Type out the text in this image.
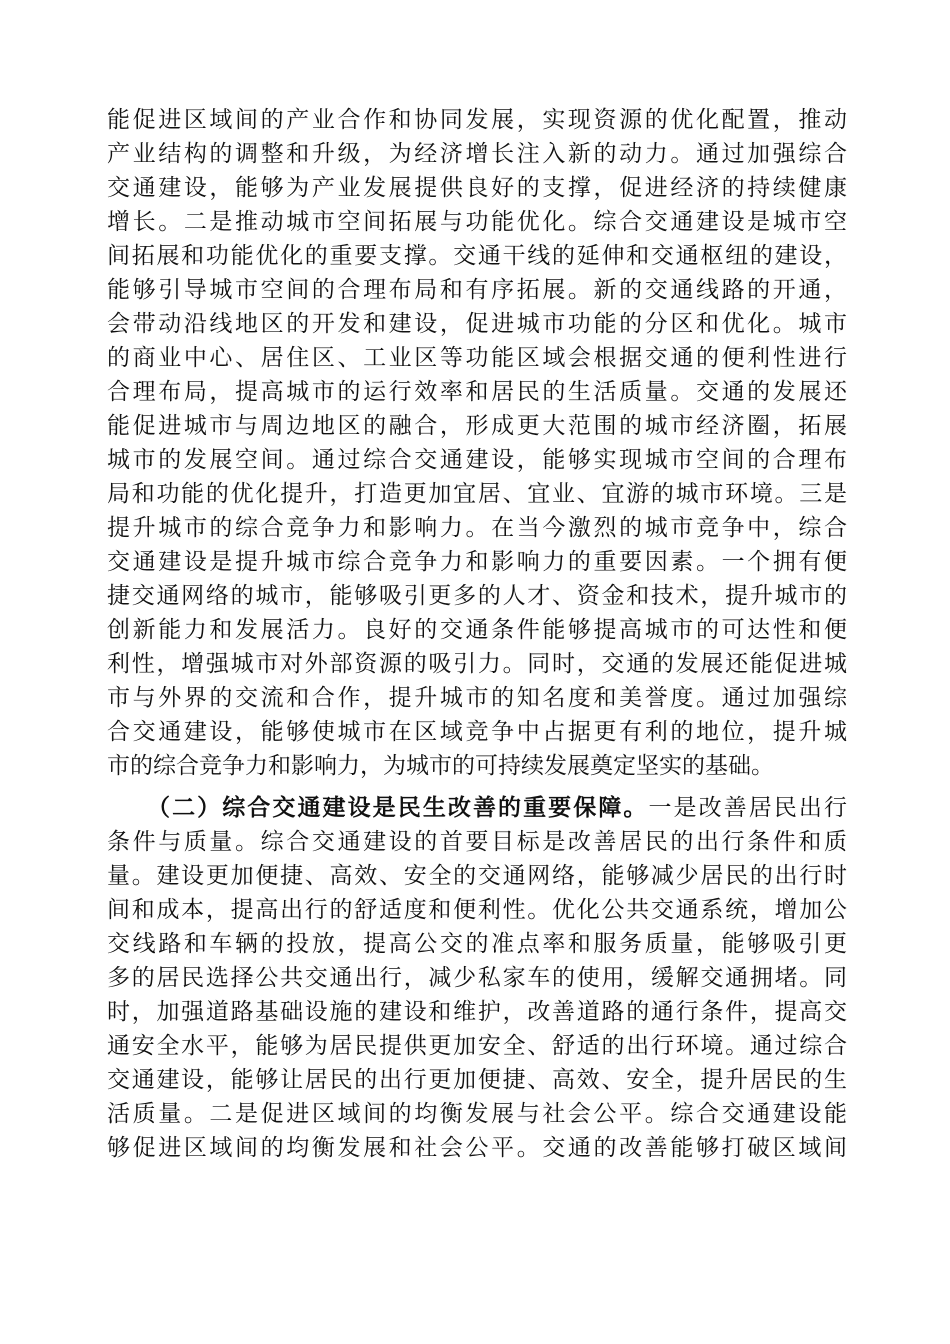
能促进区域间的产业合作和协同发展，实现资源的优化配置，推动
产业结构的调整和升级，为经济增长注入新的动力。通过加强综合
交通建设，能够为产业发展提供良好的支撑，促进经济的持续健康
增长。二是推动城市空间拓展与功能优化。综合交通建设是城市空
间拓展和功能优化的重要支撑。交通干线的延伸和交通枢纽的建设，
能够引导城市空间的合理布局和有序拓展。新的交通线路的开通，
会带动沿线地区的开发和建设，促进城市功能的分区和优化。城市
的商业中心、居住区、工业区等功能区域会根据交通的便利性进行
合理布局，提高城市的运行效率和居民的生活质量。交通的发展还
能促进城市与周边地区的融合，形成更大范围的城市经济圈，拓展
城市的发展空间。通过综合交通建设，能够实现城市空间的合理布
局和功能的优化提升，打造更加宜居、宜业、宜游的城市环境。三是
提升城市的综合竞争力和影响力。在当今激烈的城市竞争中，综合
交通建设是提升城市综合竞争力和影响力的重要因素。一个拥有便
捷交通网络的城市，能够吸引更多的人才、资金和技术，提升城市的
创新能力和发展活力。良好的交通条件能够提高城市的可达性和便
利性，增强城市对外部资源的吸引力。同时，交通的发展还能促进城
市与外界的交流和合作，提升城市的知名度和美誉度。通过加强综
合交通建设，能够使城市在区域竞争中占据更有利的地位，提升城
市的综合竞争力和影响力，为城市的可持续发展奠定坚实的基础。
（二）综合交通建设是民生改善的重要保障。一是改善居民出行
条件与质量。综合交通建设的首要目标是改善居民的出行条件和质
量。建设更加便捷、高效、安全的交通网络，能够减少居民的出行时
间和成本，提高出行的舒适度和便利性。优化公共交通系统，增加公
交线路和车辆的投放，提高公交的准点率和服务质量，能够吸引更
多的居民选择公共交通出行，减少私家车的使用，缓解交通拥堵。同
时，加强道路基础设施的建设和维护，改善道路的通行条件，提高交
通安全水平，能够为居民提供更加安全、舒适的出行环境。通过综合
交通建设，能够让居民的出行更加便捷、高效、安全，提升居民的生
活质量。二是促进区域间的均衡发展与社会公平。综合交通建设能
够促进区域间的均衡发展和社会公平。交通的改善能够打破区域间
